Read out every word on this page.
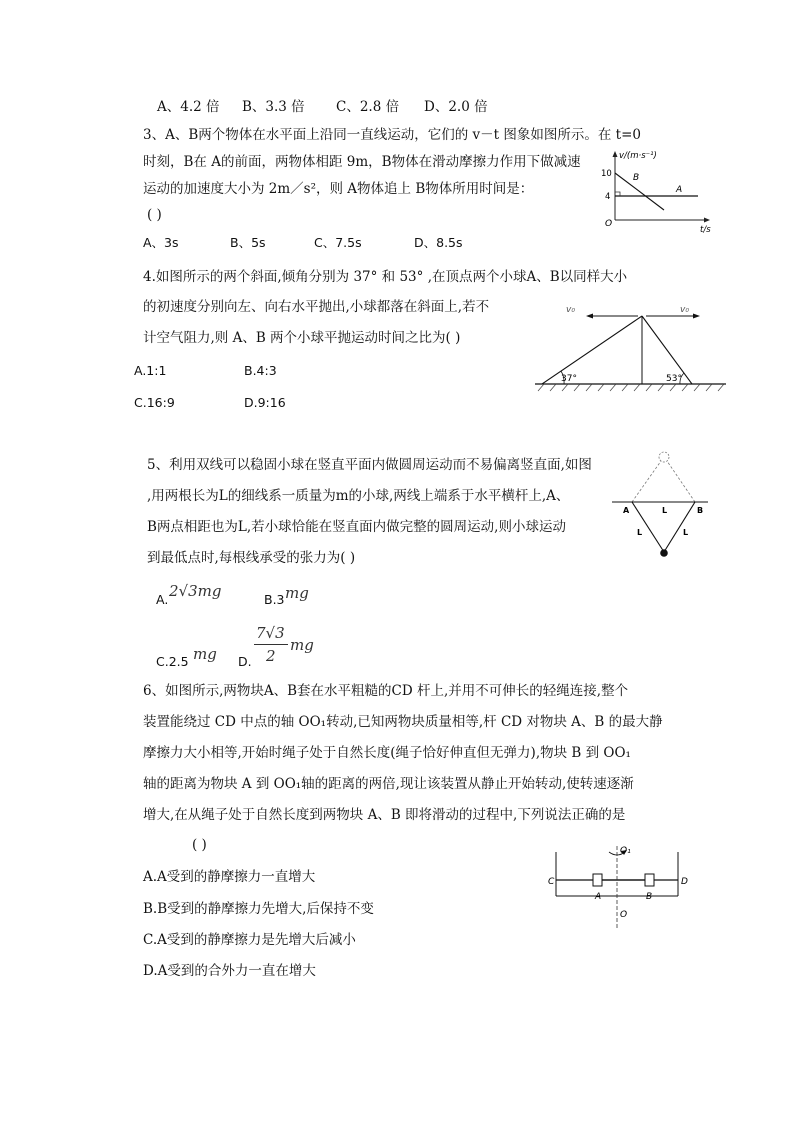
A、4.2 倍 B、3.3 倍 C、2.8 倍 D、2.0 倍
3、A、B两个物体在水平面上沿同一直线运动，它们的 v－t 图象如图所示。在 t=0
时刻，B在 A的前面，两物体相距 9m，B物体在滑动摩擦力作用下做减速
运动的加速度大小为 2m／s²，则 A物体追上 B物体所用时间是：
( )
A、3s	B、5s	C、7.5s	D、8.5s
v/(m·s⁻¹)
t/s
O
10
4
B
A
4.如图所示的两个斜面,倾角分别为 37° 和 53° ,在顶点两个小球A、B以同样大小
的初速度分别向左、向右水平抛出,小球都落在斜面上,若不
计空气阻力,则 A、B 两个小球平抛运动时间之比为( )
A.1:1	B.4:3
C.16:9	D.9:16
v₀	v₀
37°	53°
5、利用双线可以稳固小球在竖直平面内做圆周运动而不易偏离竖直面,如图
,用两根长为L的细线系一质量为m的小球,两线上端系于水平横杆上,A、
B两点相距也为L,若小球恰能在竖直面内做完整的圆周运动,则小球运动
到最低点时,每根线承受的张力为( )
A. 2√3mg	B.3 mg
C.2.5 mg D.
7√3
2
mg
A	B
L
L	L
6、如图所示,两物块A、B套在水平粗糙的CD 杆上,并用不可伸长的轻绳连接,整个
装置能绕过 CD 中点的轴 OO₁转动,已知两物块质量相等,杆 CD 对物块 A、B 的最大静
摩擦力大小相等,开始时绳子处于自然长度(绳子恰好伸直但无弹力),物块 B 到 OO₁
轴的距离为物块 A 到 OO₁轴的距离的两倍,现让该装置从静止开始转动,使转速逐渐
增大,在从绳子处于自然长度到两物块 A、B 即将滑动的过程中,下列说法正确的是
( )
A.A受到的静摩擦力一直增大
B.B受到的静摩擦力先增大,后保持不变
C.A受到的静摩擦力是先增大后减小
D.A受到的合外力一直在增大
C	D
A	B
O
O₁
